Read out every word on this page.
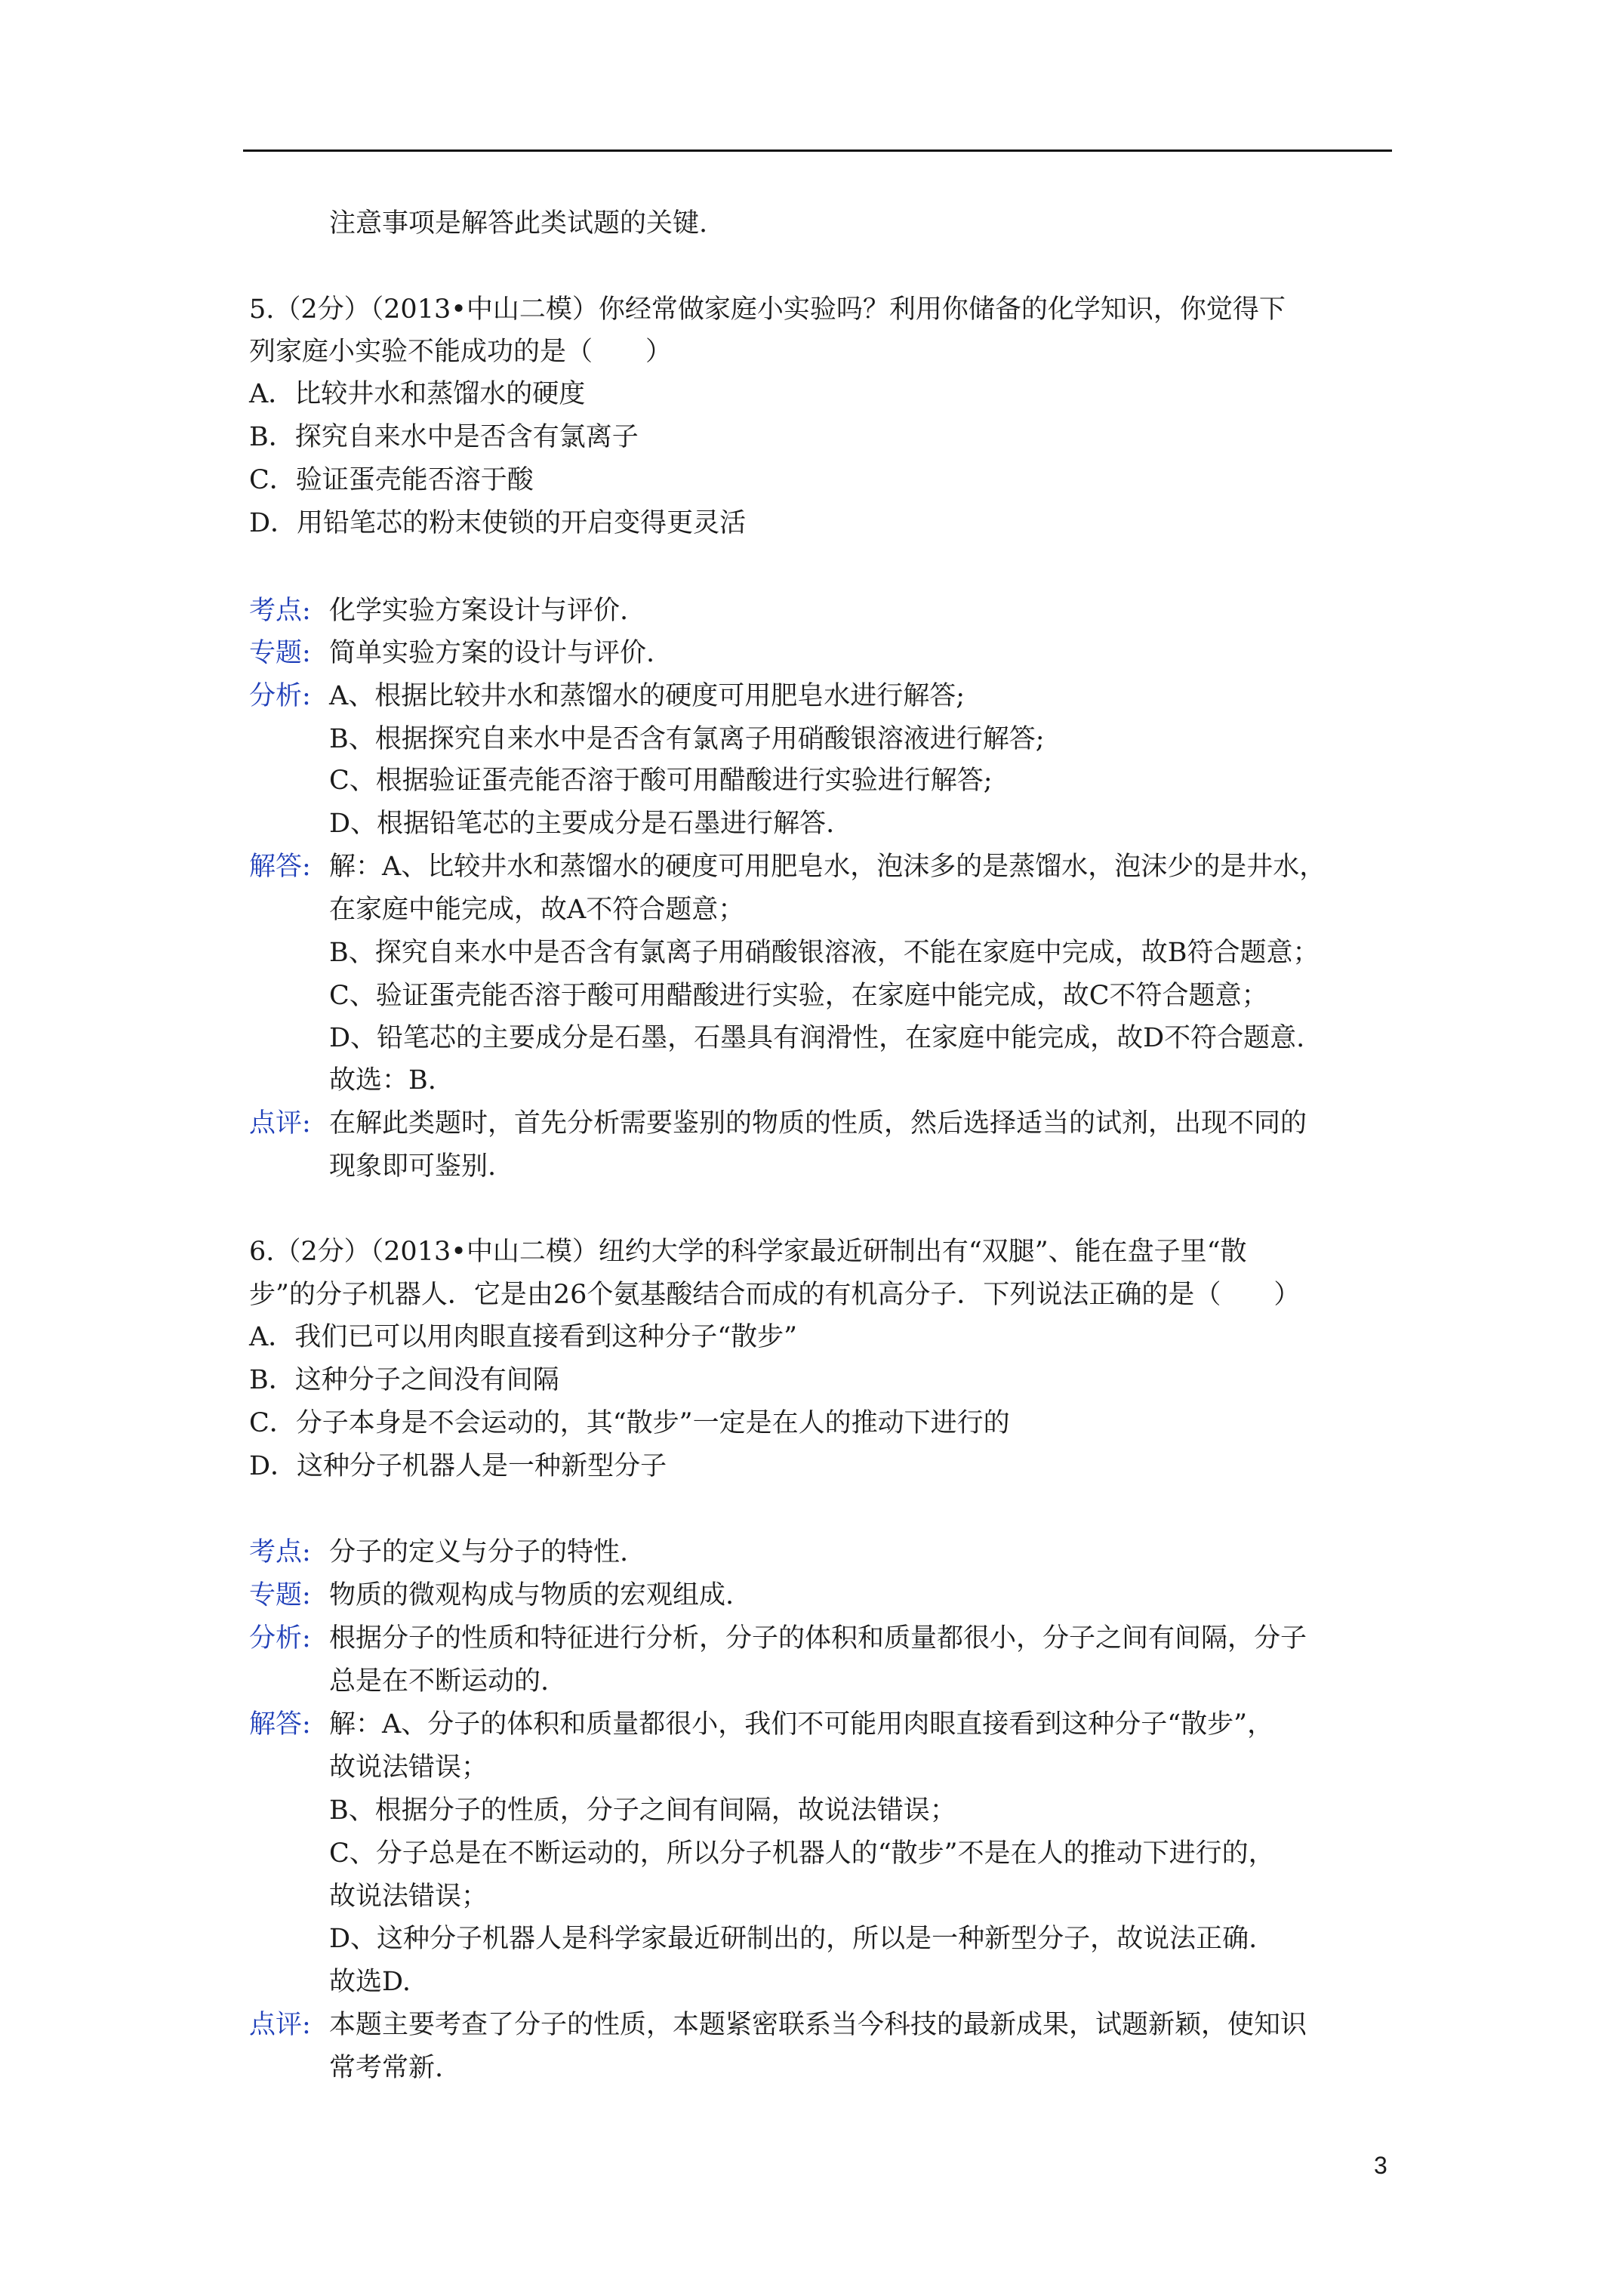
注意事项是解答此类试题的关键.
5.（2分）（2013•中山二模）你经常做家庭小实验吗？利用你储备的化学知识，你觉得下
列家庭小实验不能成功的是（　　）
A．比较井水和蒸馏水的硬度
B．探究自来水中是否含有氯离子
C．验证蛋壳能否溶于酸
D．用铅笔芯的粉末使锁的开启变得更灵活
考点: 化学实验方案设计与评价.
专题: 简单实验方案的设计与评价.
分析: A、根据比较井水和蒸馏水的硬度可用肥皂水进行解答;
B、根据探究自来水中是否含有氯离子用硝酸银溶液进行解答;
C、根据验证蛋壳能否溶于酸可用醋酸进行实验进行解答;
D、根据铅笔芯的主要成分是石墨进行解答.
解答: 解：A、比较井水和蒸馏水的硬度可用肥皂水，泡沫多的是蒸馏水，泡沫少的是井水，
在家庭中能完成，故A不符合题意；
B、探究自来水中是否含有氯离子用硝酸银溶液，不能在家庭中完成，故B符合题意；
C、验证蛋壳能否溶于酸可用醋酸进行实验，在家庭中能完成，故C不符合题意；
D、铅笔芯的主要成分是石墨，石墨具有润滑性，在家庭中能完成，故D不符合题意.
故选：B.
点评: 在解此类题时，首先分析需要鉴别的物质的性质，然后选择适当的试剂，出现不同的
现象即可鉴别.
6.（2分）（2013•中山二模）纽约大学的科学家最近研制出有“双腿”、能在盘子里“散
步”的分子机器人．它是由26个氨基酸结合而成的有机高分子．下列说法正确的是（　　）
A．我们已可以用肉眼直接看到这种分子“散步”
B．这种分子之间没有间隔
C．分子本身是不会运动的，其“散步”一定是在人的推动下进行的
D．这种分子机器人是一种新型分子
考点: 分子的定义与分子的特性.
专题: 物质的微观构成与物质的宏观组成.
分析: 根据分子的性质和特征进行分析，分子的体积和质量都很小，分子之间有间隔，分子
总是在不断运动的.
解答: 解：A、分子的体积和质量都很小，我们不可能用肉眼直接看到这种分子“散步”，
故说法错误；
B、根据分子的性质，分子之间有间隔，故说法错误；
C、分子总是在不断运动的，所以分子机器人的“散步”不是在人的推动下进行的，
故说法错误；
D、这种分子机器人是科学家最近研制出的，所以是一种新型分子，故说法正确.
故选D.
点评: 本题主要考查了分子的性质，本题紧密联系当今科技的最新成果，试题新颖，使知识
常考常新.
3
